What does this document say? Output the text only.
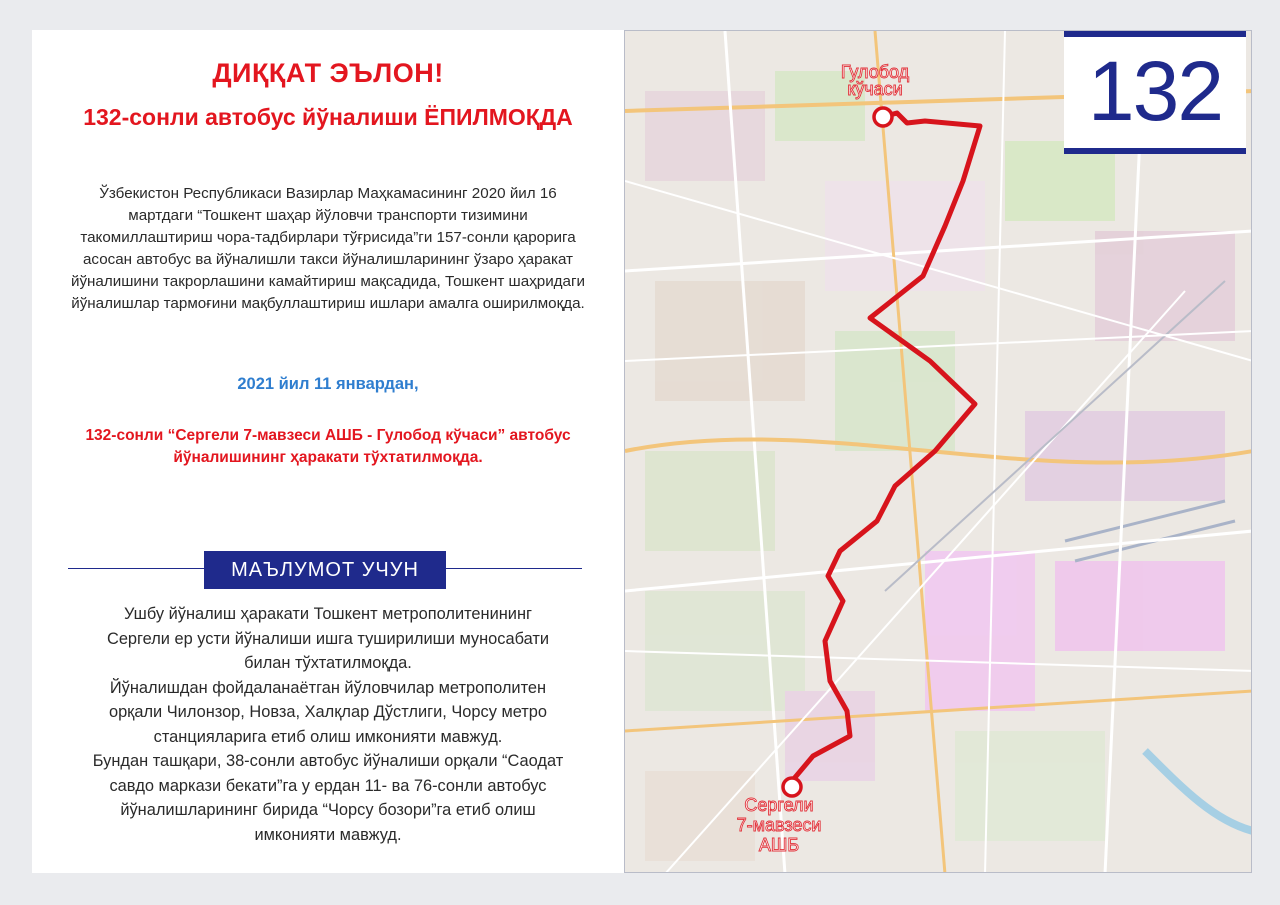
ДИҚҚАТ ЭЪЛОН!
132-сонли автобус йўналиши ЁПИЛМОҚДА
Ўзбекистон Республикаси Вазирлар Маҳкамасининг 2020 йил 16 мартдаги “Тошкент шаҳар йўловчи транспорти тизимини такомиллаштириш чора-тадбирлари тўғрисида”ги 157-сонли қарорига асосан автобус ва йўналишли такси йўналишларининг ўзаро ҳаракат йўналишини такрорлашини камайтириш мақсадида, Тошкент шаҳридаги йўналишлар тармоғини мақбуллаштириш ишлари амалга оширилмоқда.
2021 йил 11 январдан,
132-сонли “Сергели 7-мавзеси АШБ - Гулобод кўчаси” автобус йўналишининг ҳаракати тўхтатилмоқда.
МАЪЛУМОТ УЧУН
Ушбу йўналиш ҳаракати Тошкент метрополитенининг
Сергели ер усти йўналиши ишга туширилиши муносабати
билан тўхтатилмоқда.
Йўналишдан фойдаланаётган йўловчилар метрополитен
орқали Чилонзор, Новза, Халқлар Дўстлиги, Чорсу метро
станцияларига етиб олиш имконияти мавжуд.
Бундан ташқари, 38-сонли автобус йўналиши орқали “Саодат
савдо маркази бекати”га у ердан 11- ва 76-сонли автобус
йўналишларининг бирида “Чорсу бозори”га етиб олиш
имконияти мавжуд.
Гулобод
кўчаси
Сергели
7-мавзеси
АШБ
132
